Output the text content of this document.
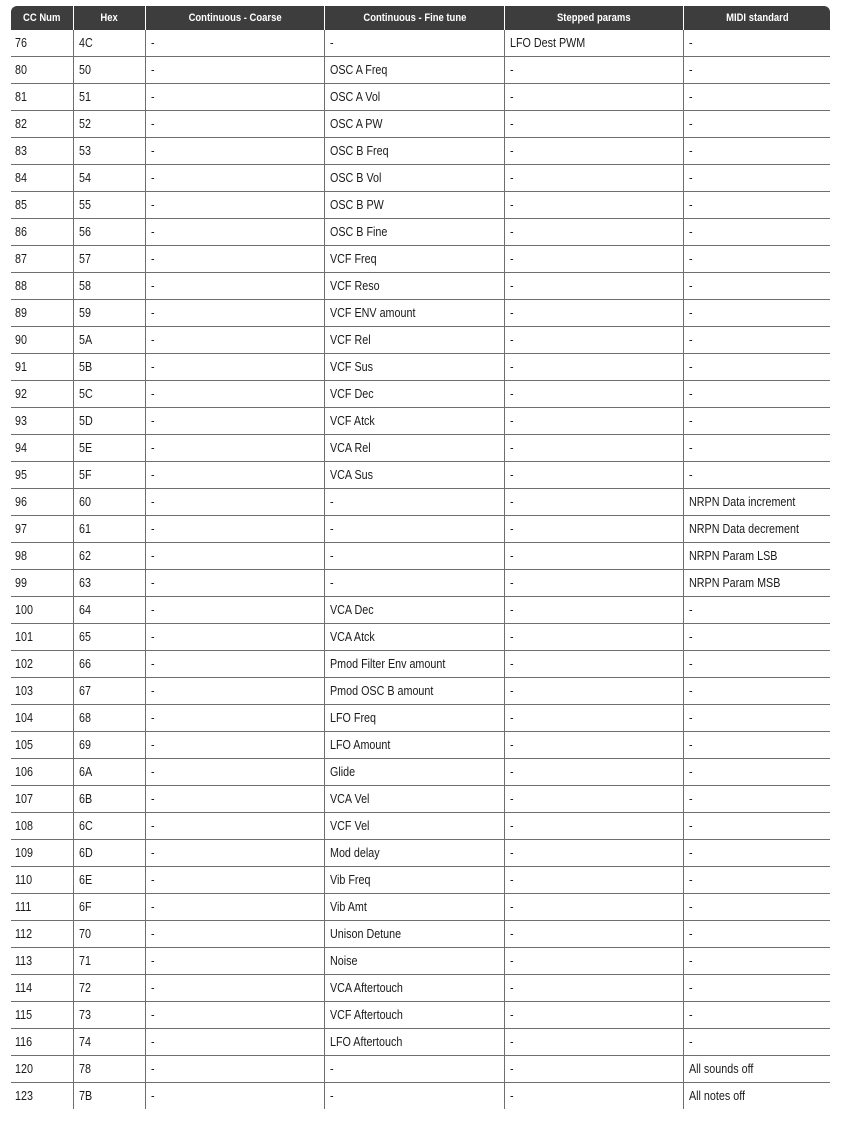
CC Num	Hex	Continuous - Coarse	Continuous - Fine tune	Stepped params	MIDI standard
76	4C	-	-	LFO Dest PWM	-
80	50	-	OSC A Freq	-	-
81	51	-	OSC A Vol	-	-
82	52	-	OSC A PW	-	-
83	53	-	OSC B Freq	-	-
84	54	-	OSC B Vol	-	-
85	55	-	OSC B PW	-	-
86	56	-	OSC B Fine	-	-
87	57	-	VCF Freq	-	-
88	58	-	VCF Reso	-	-
89	59	-	VCF ENV amount	-	-
90	5A	-	VCF Rel	-	-
91	5B	-	VCF Sus	-	-
92	5C	-	VCF Dec	-	-
93	5D	-	VCF Atck	-	-
94	5E	-	VCA Rel	-	-
95	5F	-	VCA Sus	-	-
96	60	-	-	-	NRPN Data increment
97	61	-	-	-	NRPN Data decrement
98	62	-	-	-	NRPN Param LSB
99	63	-	-	-	NRPN Param MSB
100	64	-	VCA Dec	-	-
101	65	-	VCA Atck	-	-
102	66	-	Pmod Filter Env amount	-	-
103	67	-	Pmod OSC B amount	-	-
104	68	-	LFO Freq	-	-
105	69	-	LFO Amount	-	-
106	6A	-	Glide	-	-
107	6B	-	VCA Vel	-	-
108	6C	-	VCF Vel	-	-
109	6D	-	Mod delay	-	-
110	6E	-	Vib Freq	-	-
111	6F	-	Vib Amt	-	-
112	70	-	Unison Detune	-	-
113	71	-	Noise	-	-
114	72	-	VCA Aftertouch	-	-
115	73	-	VCF Aftertouch	-	-
116	74	-	LFO Aftertouch	-	-
120	78	-	-	-	All sounds off
123	7B	-	-	-	All notes off
